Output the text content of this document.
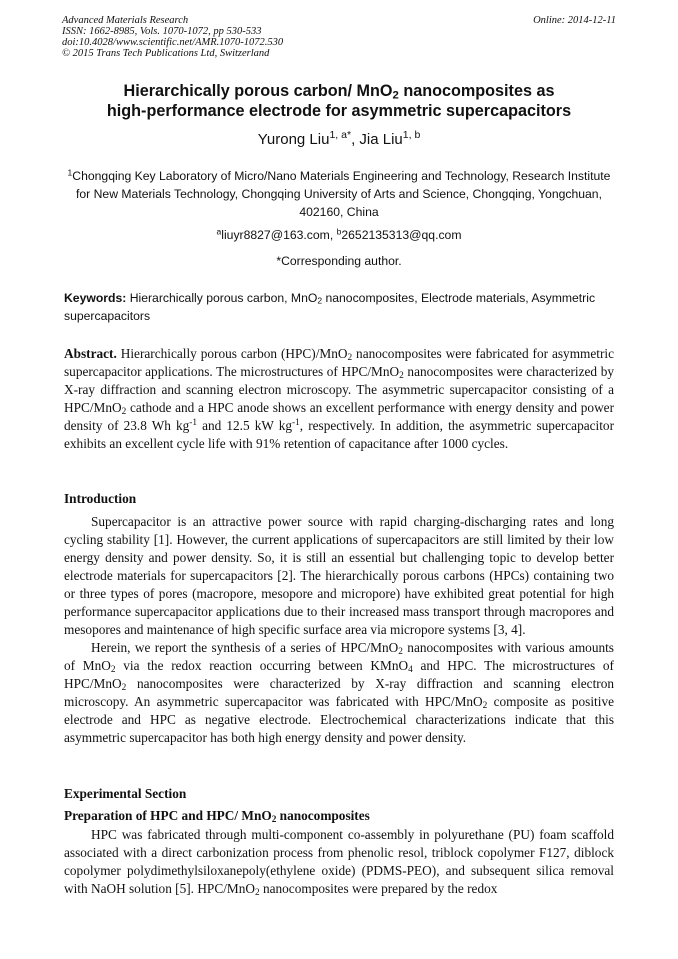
Advanced Materials Research
ISSN: 1662-8985, Vols. 1070-1072, pp 530-533
doi:10.4028/www.scientific.net/AMR.1070-1072.530
© 2015 Trans Tech Publications Ltd, Switzerland
Online: 2014-12-11
Hierarchically porous carbon/ MnO$_2$ nanocomposites as
high-performance electrode for asymmetric supercapacitors
Yurong Liu$^{1, a*}$, Jia Liu$^{1, b}$
$^1$Chongqing Key Laboratory of Micro/Nano Materials Engineering and Technology, Research Institute for New Materials Technology, Chongqing University of Arts and Science, Chongqing, Yongchuan, 402160, China
$^a$liuyr8827@163.com, $^b$2652135313@qq.com
*Corresponding author.
Keywords: Hierarchically porous carbon, MnO$_2$ nanocomposites, Electrode materials, Asymmetric supercapacitors

Abstract. Hierarchically porous carbon (HPC)/MnO$_2$ nanocomposites were fabricated for asymmetric supercapacitor applications. The microstructures of HPC/MnO$_2$ nanocomposites were characterized by X-ray diffraction and scanning electron microscopy. The asymmetric supercapacitor consisting of a HPC/MnO$_2$ cathode and a HPC anode shows an excellent performance with energy density and power density of 23.8 Wh $kg^{-1}$ and 12.5 kW $kg^{-1}$, respectively. In addition, the asymmetric supercapacitor exhibits an excellent cycle life with 91% retention of capacitance after 1000 cycles.

Introduction

Supercapacitor is an attractive power source with rapid charging-discharging rates and long cycling stability [1]. However, the current applications of supercapacitors are still limited by their low energy density and power density. So, it is still an essential but challenging topic to develop better electrode materials for supercapacitors [2]. The hierarchically porous carbons (HPCs) containing two or three types of pores (macropore, mesopore and micropore) have exhibited great potential for high performance supercapacitor applications due to their increased mass transport through macropores and mesopores and maintenance of high specific surface area via micropore systems [3, 4].

Herein, we report the synthesis of a series of HPC/MnO$_2$ nanocomposites with various amounts of MnO$_2$ via the redox reaction occurring between KMnO$_4$ and HPC. The microstructures of HPC/MnO$_2$ nanocomposites were characterized by X-ray diffraction and scanning electron microscopy. An asymmetric supercapacitor was fabricated with HPC/MnO$_2$ composite as positive electrode and HPC as negative electrode. Electrochemical characterizations indicate that this asymmetric supercapacitor has both high energy density and power density.

Experimental Section
Preparation of HPC and HPC/ MnO$_2$ nanocomposites

HPC was fabricated through multi-component co-assembly in polyurethane (PU) foam scaffold associated with a direct carbonization process from phenolic resol, triblock copolymer F127, diblock copolymer polydimethylsiloxanepoly(ethylene oxide) (PDMS-PEO), and subsequent silica removal with NaOH solution [5]. HPC/MnO$_2$ nanocomposites were prepared by the redox
